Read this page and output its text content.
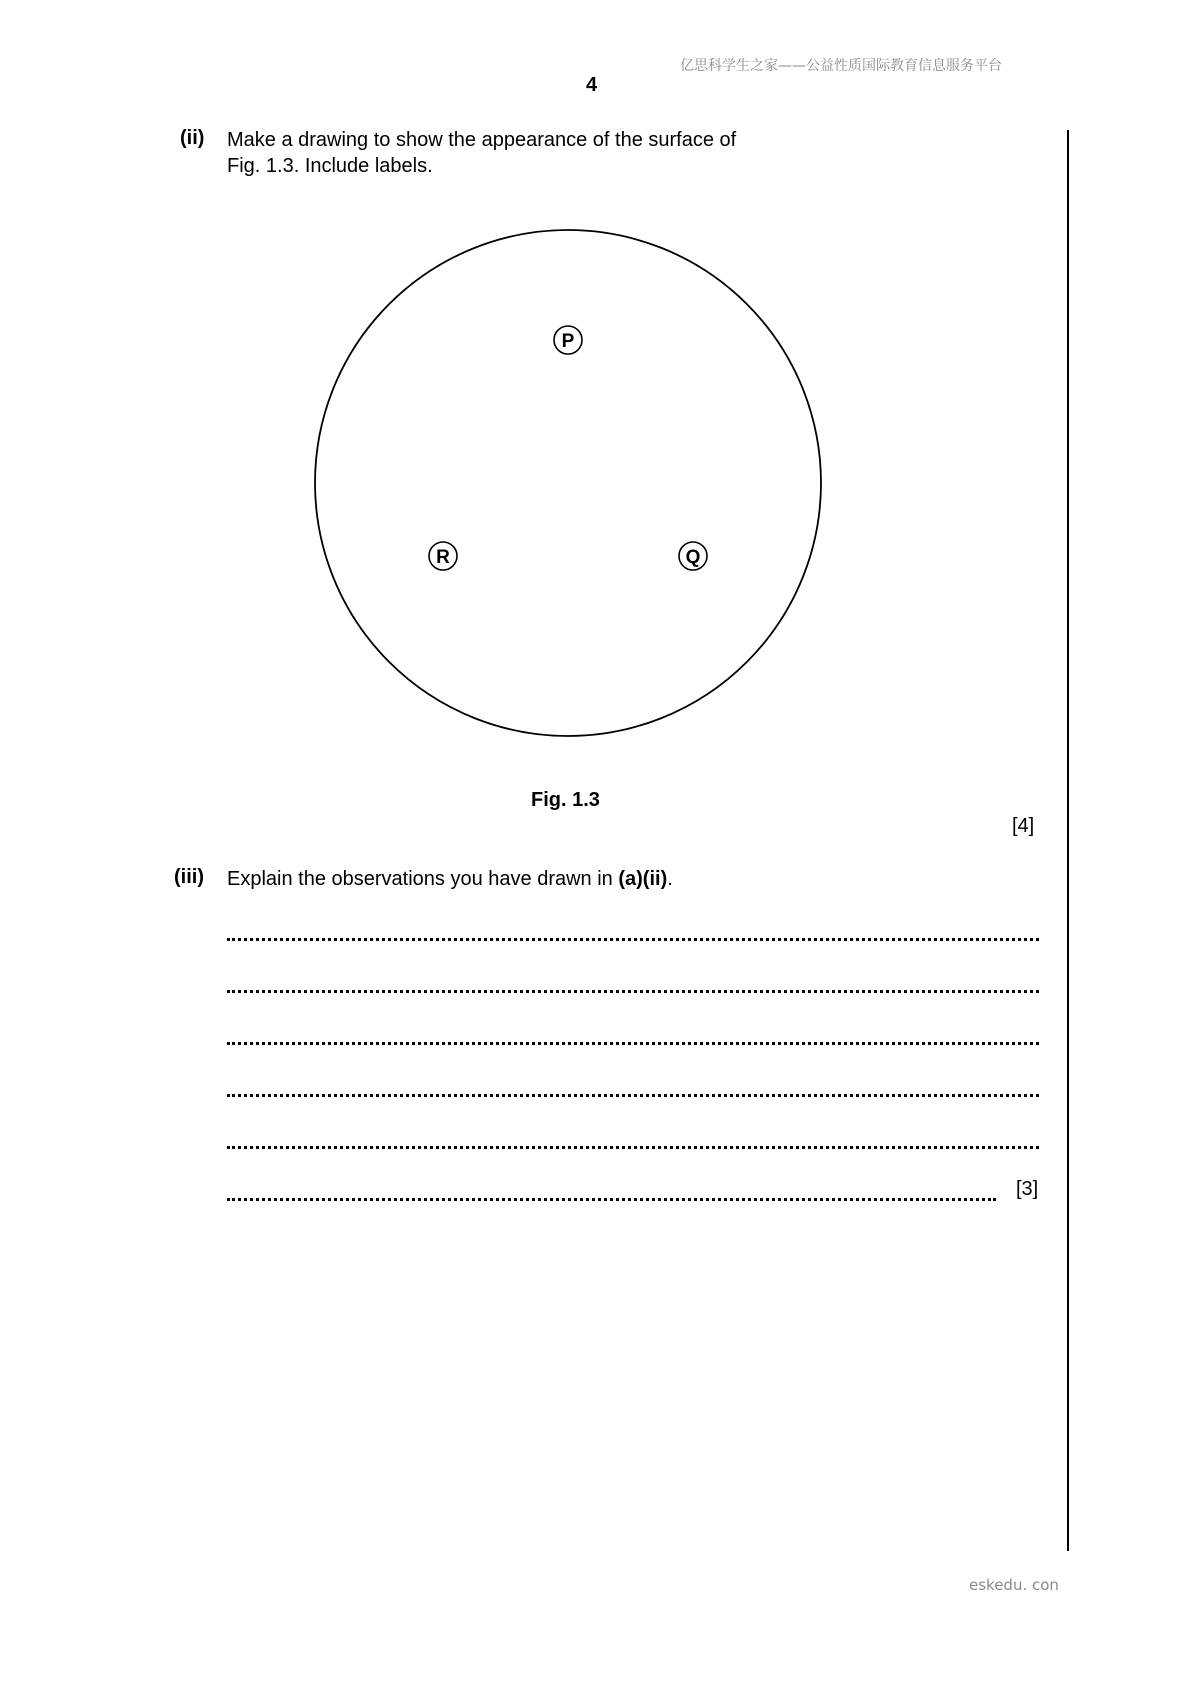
亿思科学生之家——公益性质国际教育信息服务平台
4
(ii) Make a drawing to show the appearance of the surface of
Fig. 1.3. Include labels.
P
Q
R
Fig. 1.3
[4]
(iii) Explain the observations you have drawn in (a)(ii).
[3]
eskedu. con
